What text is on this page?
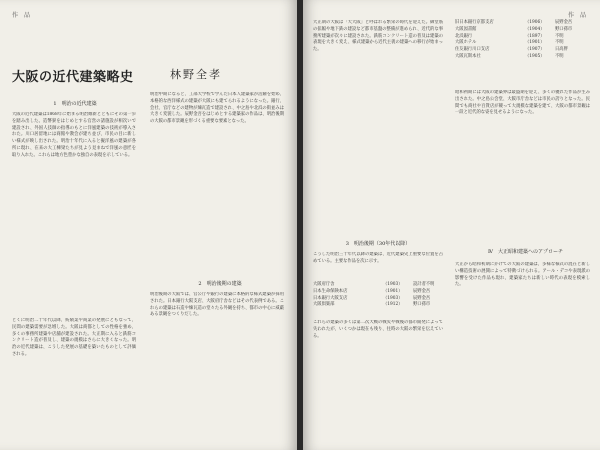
作　品
大阪の近代建築略史	林野全孝
1　明治の近代建築
大阪の近代建築は1868年に始まる明治維新とともにその第一歩を踏み出した。造幣寮をはじめとする官営の諸施設が相次いで建設され、外国人技師の指導のもとに洋風建築の技術が導入された。川口居留地には商館や教会が建ち並び、市民の目に新しい様式が映し出された。明治十年代に入ると擬洋風の建築が各所に現れ、在来の大工棟梁たちが見よう見まねで洋風の意匠を取り入れた。これらは地方色豊かな独自の表現を示している。
明治中期になると、工部大学校で学んだ日本人建築家が活躍を始め、本格的な西洋様式の建築が大阪にも建てられるようになった。銀行、会社、官庁などの建物が煉瓦造で建設され、中之島や北浜の街並みは大きく変貌した。辰野金吾をはじめとする建築家の作品は、明治後期の大阪の都市景観を形づくる重要な要素となった。
とくに明治二十年代以降、紡績業や商業の発展にともなって、民間の建築需要が急増した。大阪は商都としての性格を強め、多くの事務所建築や店舗が建設された。大正期に入ると鉄筋コンクリート造が普及し、建築の規模はさらに大きくなった。明治の近代建築は、こうした発展の基礎を築いたものとして評価される。
2　明治後期の建築
明治後期の大阪では、官公庁や銀行の建築に本格的な様式建築が採用された。日本銀行大阪支店、大阪府庁舎などはその代表例である。これらの建築は石造や煉瓦造の堂々たる外観を持ち、都市の中心に威厳ある景観をつくりだした。
作　品
大正期の大阪は「大大阪」と呼ばれる繁栄の時代を迎えた。御堂筋の拡幅や地下鉄の建設など都市基盤の整備が進められ、近代的な事務所建築が次々に建設された。鉄筋コンクリート造の普及は建築の表現を大きく変え、様式建築から近代主義の建築への移行が始まった。
旧日本銀行京都支店	（1906）	辰野金吾
大阪図書館	（1904）	野口孫市
北浜銀行	（1897）	不明
大阪ホテル	（1901）	不明
住友銀行川口支店	（1907）	日高胖
大阪瓦斯本社	（1905）	不明
昭和初期には大阪の建築界は最盛期を迎え、多くの優れた作品が生み出された。中之島公会堂、大阪市庁舎などは市民の誇りとなった。民間でも商社や百貨店が競って大規模な建築を建て、大阪の都市景観は一段と近代的な姿を見せるようになった。
3　明治後期（30年代以降）
こうした明治三十年代以降の建築は、近代建築史上重要な位置を占めている。主要な作品を次に示す。
大阪府庁舎	（1903）	設計者不明
日本生命保険本店	（1901）	辰野金吾
日本銀行大阪支店	（1903）	辰野金吾
大阪倶楽部	（1912）	野口孫市
これらの建築の多くは第二次大戦の戦災や戦後の都市開発によって失われたが、いくつかは現在も残り、往時の大阪の繁栄を伝えている。
Ⅳ　大正昭和建築へのアプローチ
大正から昭和初期にかけての大阪の建築は、多様な様式の混在と新しい構造技術の展開によって特徴づけられる。アール・デコや表現派の影響を受けた作品も現れ、建築家たちは新しい時代の表現を模索した。
